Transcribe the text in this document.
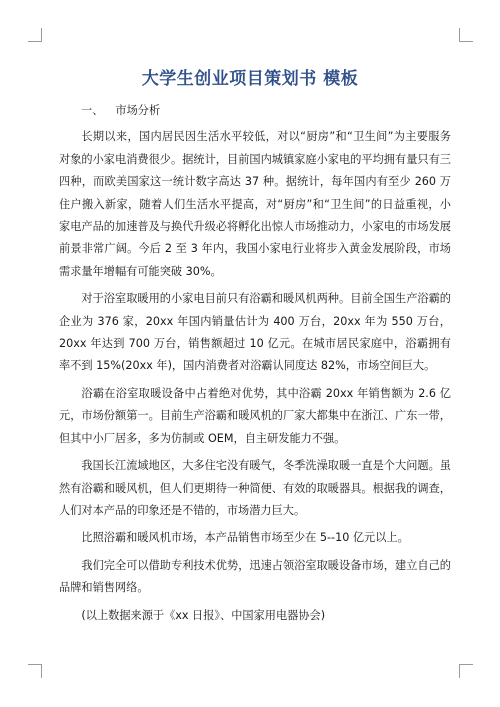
大学生创业项目策划书 模板
一、 市场分析

长期以来，国内居民因生活水平较低，对以“厨房”和“卫生间”为主要服务对象的小家电消费很少。据统计，目前国内城镇家庭小家电的平均拥有量只有三四种，而欧美国家这一统计数字高达 37 种。据统计，每年国内有至少 260 万住户搬入新家，随着人们生活水平提高，对“厨房”和“卫生间”的日益重视，小家电产品的加速普及与换代升级必将孵化出惊人市场推动力，小家电的市场发展前景非常广阔。今后 2 至 3 年内，我国小家电行业将步入黄金发展阶段，市场需求量年增幅有可能突破 30%。

对于浴室取暖用的小家电目前只有浴霸和暖风机两种。目前全国生产浴霸的企业为 376 家，20xx 年国内销量估计为 400 万台，20xx 年为 550 万台，20xx 年达到 700 万台，销售额超过 10 亿元。在城市居民家庭中，浴霸拥有率不到 15%(20xx 年)，国内消费者对浴霸认同度达 82%，市场空间巨大。

浴霸在浴室取暖设备中占着绝对优势，其中浴霸 20xx 年销售额为 2.6 亿元，市场份额第一。目前生产浴霸和暖风机的厂家大都集中在浙江、广东一带，但其中小厂居多，多为仿制或 OEM，自主研发能力不强。

我国长江流域地区，大多住宅没有暖气，冬季洗澡取暖一直是个大问题。虽然有浴霸和暖风机，但人们更期待一种简便、有效的取暖器具。根据我的调查，人们对本产品的印象还是不错的，市场潜力巨大。

比照浴霸和暖风机市场，本产品销售市场至少在 5--10 亿元以上。

我们完全可以借助专利技术优势，迅速占领浴室取暖设备市场，建立自己的品牌和销售网络。

(以上数据来源于《xx 日报》、中国家用电器协会)
